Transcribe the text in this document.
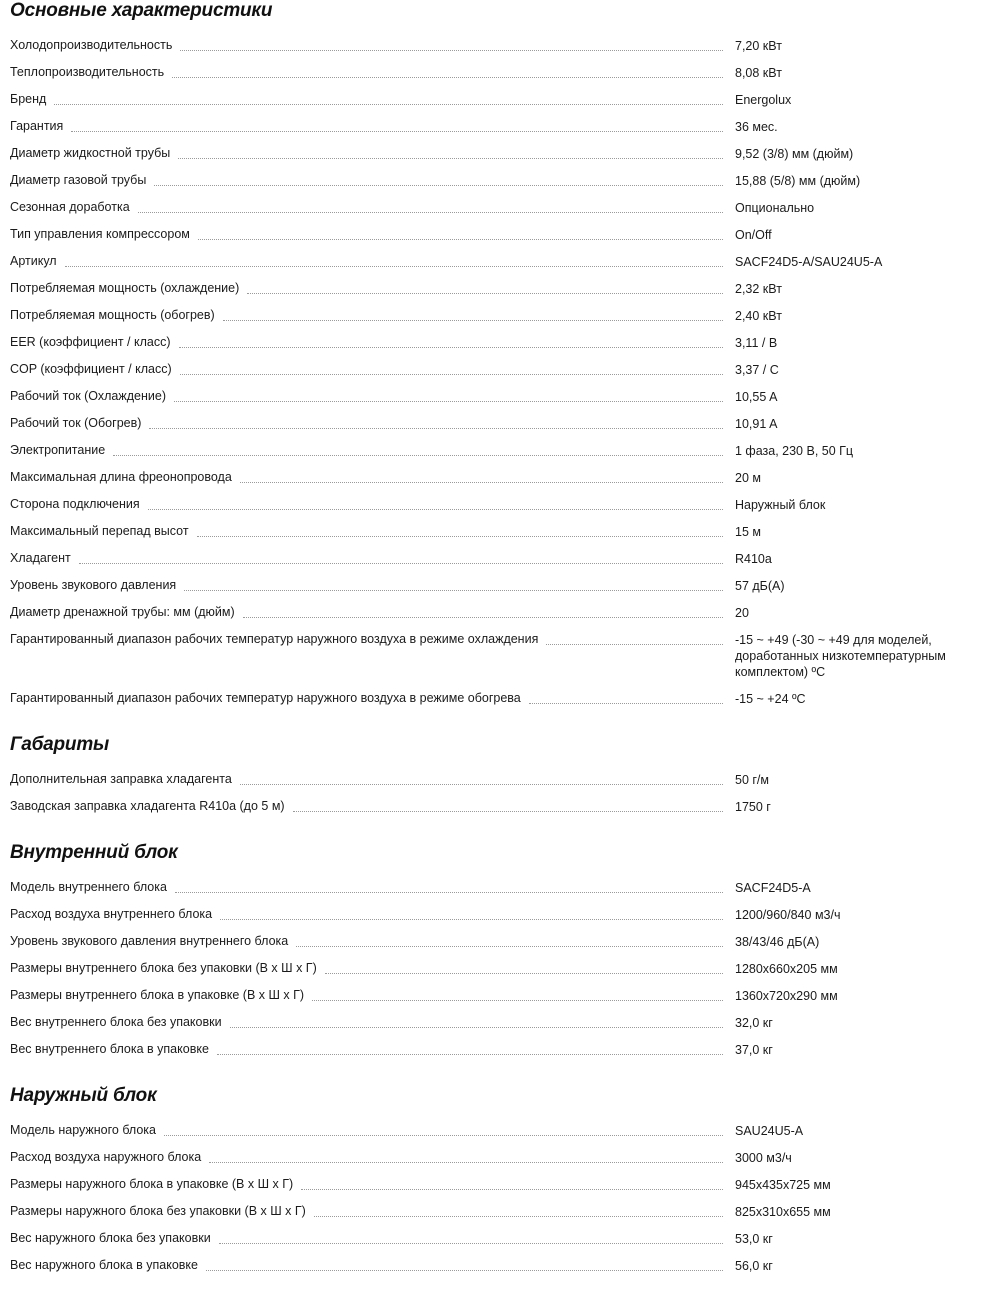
Основные характеристики
Холодопроизводительность	7,20 кВт

Теплопроизводительность	8,08 кВт

Бренд	Energolux

Гарантия	36 мес.

Диаметр жидкостной трубы	9,52 (3/8) мм (дюйм)

Диаметр газовой трубы	15,88 (5/8) мм (дюйм)

Сезонная доработка	Опционально

Тип управления компрессором	On/Off

Артикул	SACF24D5-A/SAU24U5-A

Потребляемая мощность (охлаждение)	2,32 кВт

Потребляемая мощность (обогрев)	2,40 кВт

EER (коэффициент / класс)	3,11 / B

COP (коэффициент / класс)	3,37 / C

Рабочий ток (Охлаждение)	10,55 A

Рабочий ток (Обогрев)	10,91 A

Электропитание	1 фаза, 230 В, 50 Гц

Максимальная длина фреонопровода	20 м

Сторона подключения	Наружный блок

Максимальный перепад высот	15 м

Хладагент	R410a

Уровень звукового давления	57 дБ(A)

Диаметр дренажной трубы: мм (дюйм)	20

Гарантированный диапазон рабочих температур наружного воздуха в режиме охлаждения	-15 ~ +49 (-30 ~ +49 для моделей, доработанных низкотемпературным комплектом) ºC

Гарантированный диапазон рабочих температур наружного воздуха в режиме обогрева	-15 ~ +24 ºC
Габариты
Дополнительная заправка хладагента	50 г/м

Заводская заправка хладагента R410a (до 5 м)	1750 г
Внутренний блок
Модель внутреннего блока	SACF24D5-A

Расход воздуха внутреннего блока	1200/960/840 м3/ч

Уровень звукового давления внутреннего блока	38/43/46 дБ(A)

Размеры внутреннего блока без упаковки (В х Ш х Г)	1280x660x205 мм

Размеры внутреннего блока в упаковке (В х Ш х Г)	1360x720x290 мм

Вес внутреннего блока без упаковки	32,0 кг

Вес внутреннего блока в упаковке	37,0 кг
Наружный блок
Модель наружного блока	SAU24U5-A

Расход воздуха наружного блока	3000 м3/ч

Размеры наружного блока в упаковке (В х Ш х Г)	945x435x725 мм

Размеры наружного блока без упаковки (В х Ш х Г)	825x310x655 мм

Вес наружного блока без упаковки	53,0 кг

Вес наружного блока в упаковке	56,0 кг
